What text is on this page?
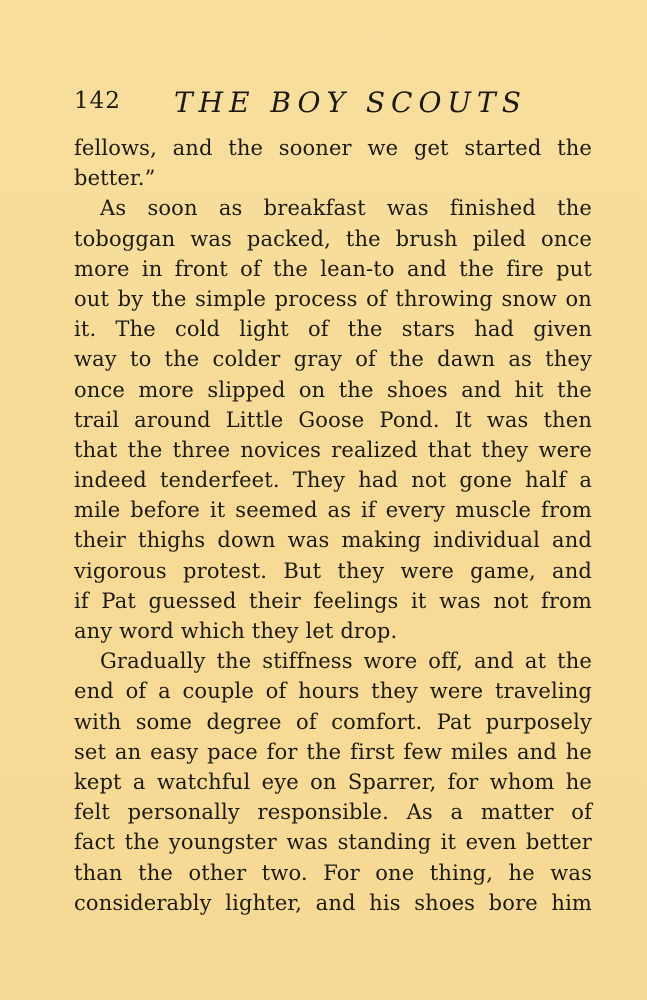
142 THE BOY SCOUTS
fellows, and the sooner we get started the
better.”
As soon as breakfast was finished the
toboggan was packed, the brush piled once
more in front of the lean-to and the fire put
out by the simple process of throwing snow on
it. The cold light of the stars had given
way to the colder gray of the dawn as they
once more slipped on the shoes and hit the
trail around Little Goose Pond. It was then
that the three novices realized that they were
indeed tenderfeet. They had not gone half a
mile before it seemed as if every muscle from
their thighs down was making individual and
vigorous protest. But they were game, and
if Pat guessed their feelings it was not from
any word which they let drop.
Gradually the stiffness wore off, and at the
end of a couple of hours they were traveling
with some degree of comfort. Pat purposely
set an easy pace for the first few miles and he
kept a watchful eye on Sparrer, for whom he
felt personally responsible. As a matter of
fact the youngster was standing it even better
than the other two. For one thing, he was
considerably lighter, and his shoes bore him
